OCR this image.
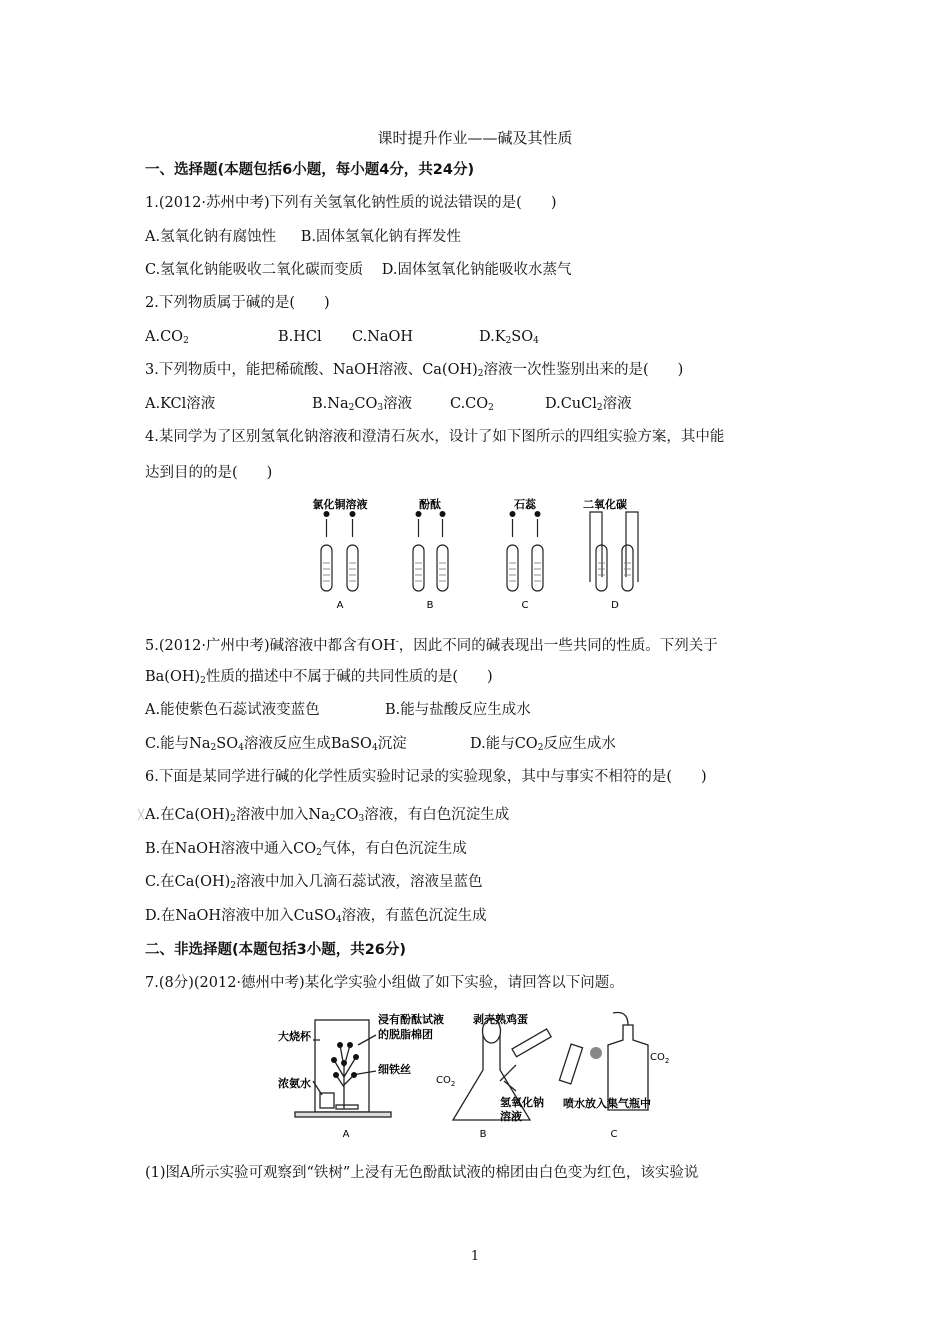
课时提升作业——碱及其性质
一、选择题(本题包括6小题，每小题4分，共24分)
1.(2012·苏州中考)下列有关氢氧化钠性质的说法错误的是(　　)
A.氢氧化钠有腐蚀性 B.固体氢氧化钠有挥发性
C.氢氧化钠能吸收二氧化碳而变质 D.固体氢氧化钠能吸收水蒸气
2.下列物质属于碱的是(　　)
$A.CO_2$	B.HCl C.NaOH	$D.K_2SO_4$
3.下列物质中，能把稀硫酸、NaOH溶液、$Ca(OH)_2$溶液一次性鉴别出来的是(　　)
A.KCl溶液	$B.Na_2CO_3$溶液	$C.CO_2$	D.CuCl$_2$溶液
4.某同学为了区别氢氧化钠溶液和澄清石灰水，设计了如下图所示的四组实验方案，其中能
达到目的的是(　　)
氯化铜溶液	酚酞	石蕊	二氧化碳
A	B	C	D
5.(2012·广州中考)碱溶液中都含有OH-，因此不同的碱表现出一些共同的性质。下列关于
$Ba(OH)_2$性质的描述中不属于碱的共同性质的是(　　)
A.能使紫色石蕊试液变蓝色	B.能与盐酸反应生成水
C.能与$Na_2SO_4$溶液反应生成BaSO$_4$沉淀	D.能与$CO_2$反应生成水
6.下面是某同学进行碱的化学性质实验时记录的实验现象，其中与事实不相符的是(　　)
╳ A.在$Ca(OH)_2$溶液中加入$Na_2CO_3$溶液，有白色沉淀生成
B.在NaOH溶液中通入$CO_2$气体，有白色沉淀生成
C.在$Ca(OH)_2$溶液中加入几滴石蕊试液，溶液呈蓝色
D.在NaOH溶液中加入CuSO$_4$溶液，有蓝色沉淀生成
二、非选择题(本题包括3小题，共26分)
7.(8分)(2012·德州中考)某化学实验小组做了如下实验，请回答以下问题。
大烧杯
浓氨水
浸有酚酞试液
的脱脂棉团
细铁丝
剥壳熟鸡蛋
$CO_2$
氢氧化钠
溶液
$CO_2$
喷水放入集气瓶中
A	B	C
(1)图A所示实验可观察到“铁树”上浸有无色酚酞试液的棉团由白色变为红色，该实验说
1
